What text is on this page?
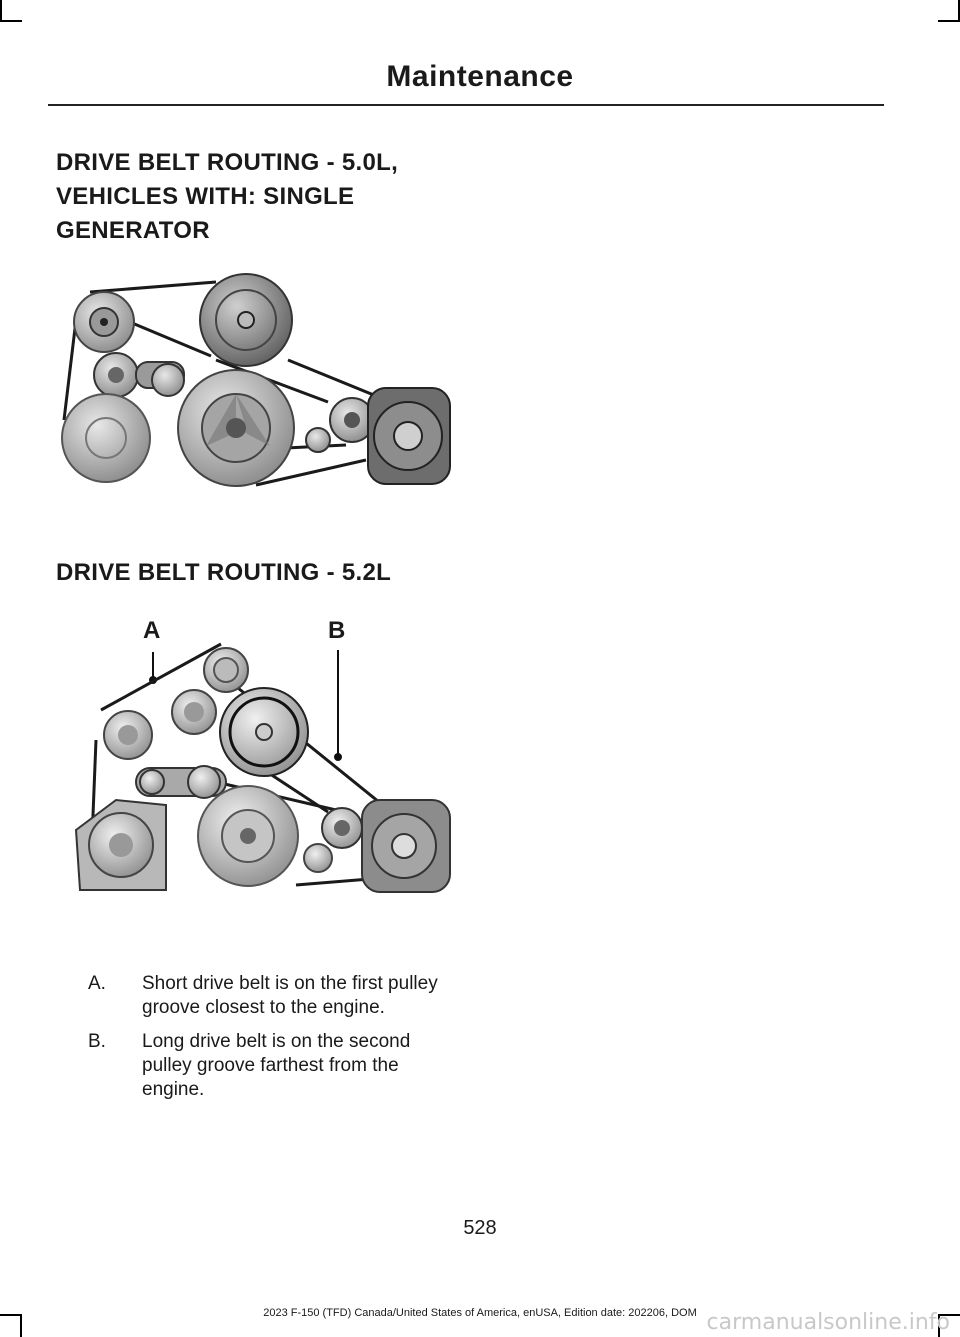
Maintenance
DRIVE BELT ROUTING - 5.0L,
VEHICLES WITH: SINGLE
GENERATOR
DRIVE BELT ROUTING - 5.2L
A	B
A. Short drive belt is on the first pulley groove closest to the engine.
B. Long drive belt is on the second pulley groove farthest from the engine.
528
2023 F-150 (TFD) Canada/United States of America, enUSA, Edition date: 202206, DOM carmanualsonline.info
